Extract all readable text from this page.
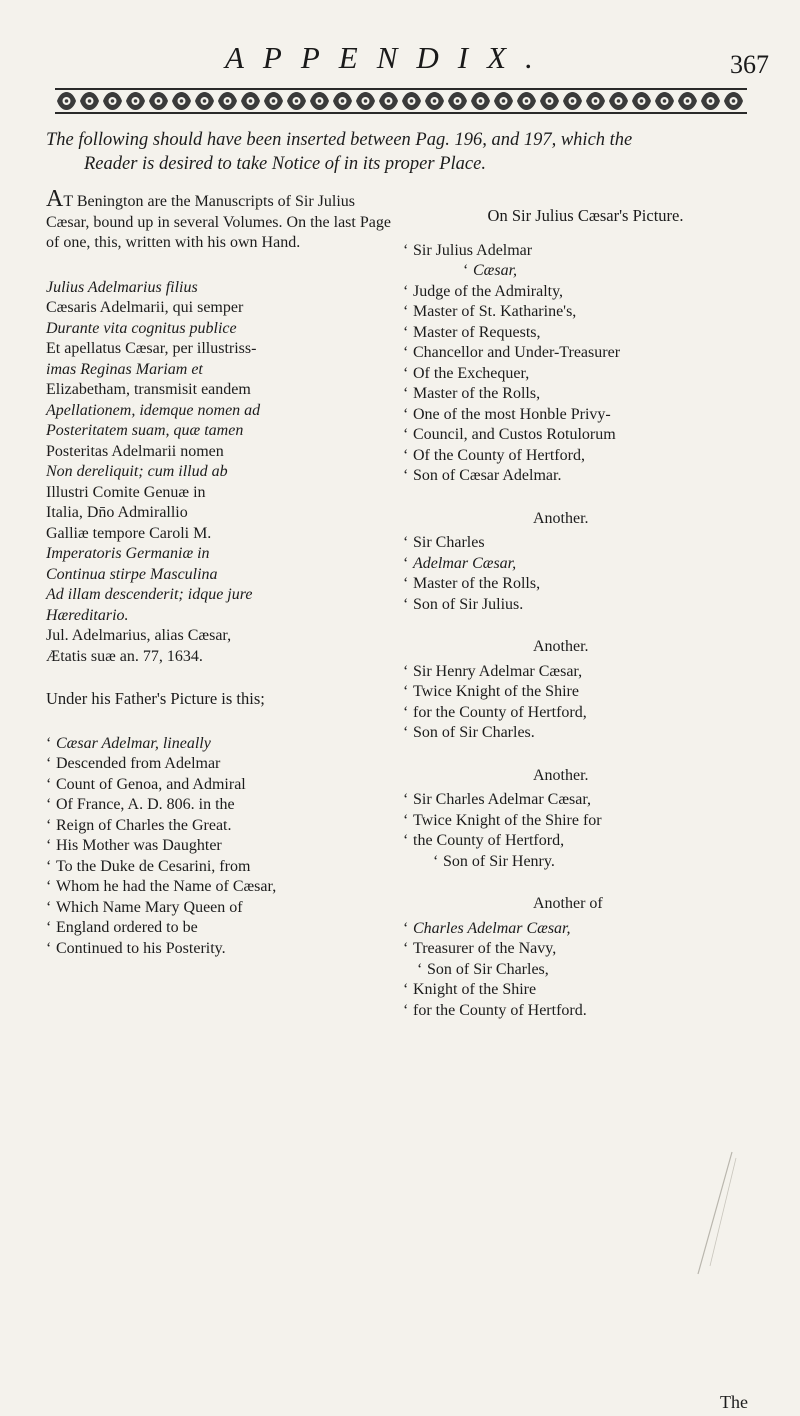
APPENDIX.	367
The following should have been inserted between Pag. 196, and 197, which the
Reader is desired to take Notice of in its proper Place.

AT Benington are the Manuscripts of Sir Julius Cæsar, bound up in several Volumes. On the last Page of one, this, written with his own Hand.

Julius Adelmarius filius
Cæsaris Adelmarii, qui semper
Durante vita cognitus publice
Et apellatus Cæsar, per illustriss-
imas Reginas Mariam et
Elizabetham, transmisit eandem
Apellationem, idemque nomen ad
Posteritatem suam, quæ tamen
Posteritas Adelmarii nomen
Non dereliquit; cum illud ab
Illustri Comite Genuæ in
Italia, Dn̄o Admirallio
Galliæ tempore Caroli M.
Imperatoris Germaniæ in
Continua stirpe Masculina
Ad illam descenderit; idque jure
Hæreditario.
Jul. Adelmarius, alias Cæsar,
Ætatis suæ an. 77, 1634.
Under his Father's Picture is this;
‘ Cæsar Adelmar, lineally
‘ Descended from Adelmar
‘ Count of Genoa, and Admiral
‘ Of France, A. D. 806. in the
‘ Reign of Charles the Great.
‘ His Mother was Daughter
‘ To the Duke de Cesarini, from
‘ Whom he had the Name of Cæsar,
‘ Which Name Mary Queen of
‘ England ordered to be
‘ Continued to his Posterity.
On Sir Julius Cæsar's Picture.
‘ Sir Julius Adelmar
‘ Cæsar,
‘ Judge of the Admiralty,
‘ Master of St. Katharine's,
‘ Master of Requests,
‘ Chancellor and Under-Treasurer
‘ Of the Exchequer,
‘ Master of the Rolls,
‘ One of the most Honble Privy-
‘ Council, and Custos Rotulorum
‘ Of the County of Hertford,
‘ Son of Cæsar Adelmar.
Another.
‘ Sir Charles
‘ Adelmar Cæsar,
‘ Master of the Rolls,
‘ Son of Sir Julius.
Another.
‘ Sir Henry Adelmar Cæsar,
‘ Twice Knight of the Shire
‘ for the County of Hertford,
‘ Son of Sir Charles.
Another.
‘ Sir Charles Adelmar Cæsar,
‘ Twice Knight of the Shire for
‘ the County of Hertford,
‘ Son of Sir Henry.
Another of
‘ Charles Adelmar Cæsar,
‘ Treasurer of the Navy,
‘ Son of Sir Charles,
‘ Knight of the Shire
‘ for the County of Hertford.
The
